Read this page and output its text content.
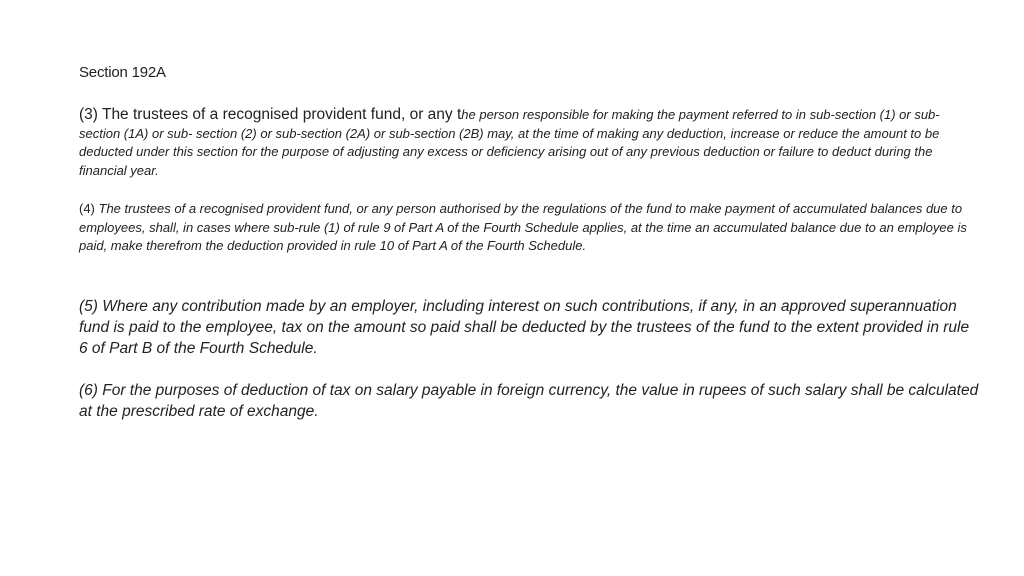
Section 192A

(3) The trustees of a recognised provident fund, or any the person responsible for making the payment referred to in sub-section (1) or sub-section (1A) or sub- section (2) or sub-section (2A) or sub-section (2B) may, at the time of making any deduction, increase or reduce the amount to be deducted under this section for the purpose of adjusting any excess or deficiency arising out of any previous deduction or failure to deduct during the financial year.

(4) The trustees of a recognised provident fund, or any person authorised by the regulations of the fund to make payment of accumulated balances due to employees, shall, in cases where sub-rule (1) of rule 9 of Part A of the Fourth Schedule applies, at the time an accumulated balance due to an employee is paid, make therefrom the deduction provided in rule 10 of Part A of the Fourth Schedule.

(5) Where any contribution made by an employer, including interest on such contributions, if any, in an approved superannuation fund is paid to the employee, tax on the amount so paid shall be deducted by the trustees of the fund to the extent provided in rule 6 of Part B of the Fourth Schedule.

(6) For the purposes of deduction of tax on salary payable in foreign currency, the value in rupees of such salary shall be calculated at the prescribed rate of exchange.
